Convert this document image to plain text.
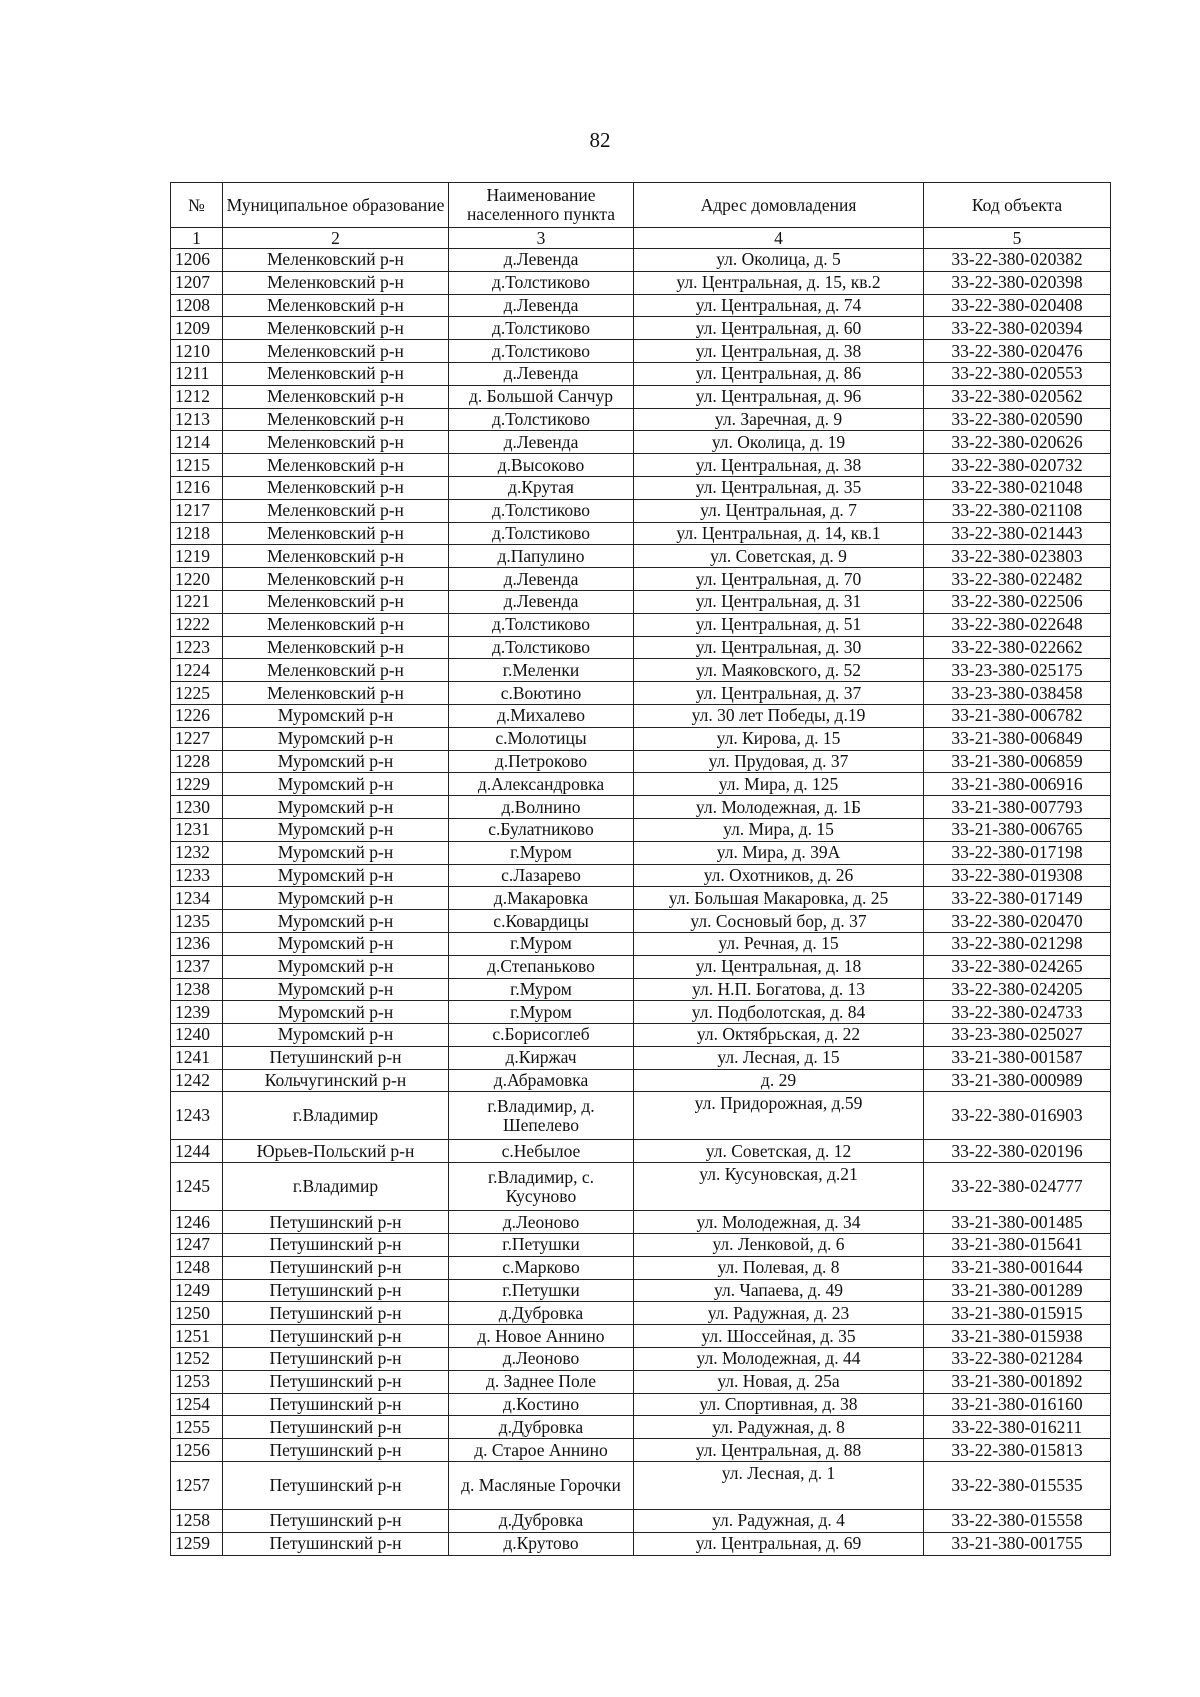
82
№	Муниципальное образование	Наименование населенного пункта	Адрес домовладения	Код объекта
1	2	3	4	5
1206	Меленковский р-н	д.Левенда	ул. Околица, д. 5	33-22-380-020382
1207	Меленковский р-н	д.Толстиково	ул. Центральная, д. 15, кв.2	33-22-380-020398
1208	Меленковский р-н	д.Левенда	ул. Центральная, д. 74	33-22-380-020408
1209	Меленковский р-н	д.Толстиково	ул. Центральная, д. 60	33-22-380-020394
1210	Меленковский р-н	д.Толстиково	ул. Центральная, д. 38	33-22-380-020476
1211	Меленковский р-н	д.Левенда	ул. Центральная, д. 86	33-22-380-020553
1212	Меленковский р-н	д. Большой Санчур	ул. Центральная, д. 96	33-22-380-020562
1213	Меленковский р-н	д.Толстиково	ул. Заречная, д. 9	33-22-380-020590
1214	Меленковский р-н	д.Левенда	ул. Околица, д. 19	33-22-380-020626
1215	Меленковский р-н	д.Высоково	ул. Центральная, д. 38	33-22-380-020732
1216	Меленковский р-н	д.Крутая	ул. Центральная, д. 35	33-22-380-021048
1217	Меленковский р-н	д.Толстиково	ул. Центральная, д. 7	33-22-380-021108
1218	Меленковский р-н	д.Толстиково	ул. Центральная, д. 14, кв.1	33-22-380-021443
1219	Меленковский р-н	д.Папулино	ул. Советская, д. 9	33-22-380-023803
1220	Меленковский р-н	д.Левенда	ул. Центральная, д. 70	33-22-380-022482
1221	Меленковский р-н	д.Левенда	ул. Центральная, д. 31	33-22-380-022506
1222	Меленковский р-н	д.Толстиково	ул. Центральная, д. 51	33-22-380-022648
1223	Меленковский р-н	д.Толстиково	ул. Центральная, д. 30	33-22-380-022662
1224	Меленковский р-н	г.Меленки	ул. Маяковского, д. 52	33-23-380-025175
1225	Меленковский р-н	с.Воютино	ул. Центральная, д. 37	33-23-380-038458
1226	Муромский р-н	д.Михалево	ул. 30 лет Победы, д.19	33-21-380-006782
1227	Муромский р-н	с.Молотицы	ул. Кирова, д. 15	33-21-380-006849
1228	Муромский р-н	д.Петроково	ул. Прудовая, д. 37	33-21-380-006859
1229	Муромский р-н	д.Александровка	ул. Мира, д. 125	33-21-380-006916
1230	Муромский р-н	д.Волнино	ул. Молодежная, д. 1Б	33-21-380-007793
1231	Муромский р-н	с.Булатниково	ул. Мира, д. 15	33-21-380-006765
1232	Муромский р-н	г.Муром	ул. Мира, д. 39А	33-22-380-017198
1233	Муромский р-н	с.Лазарево	ул. Охотников, д. 26	33-22-380-019308
1234	Муромский р-н	д.Макаровка	ул. Большая Макаровка, д. 25	33-22-380-017149
1235	Муромский р-н	с.Ковардицы	ул. Сосновый бор, д. 37	33-22-380-020470
1236	Муромский р-н	г.Муром	ул. Речная, д. 15	33-22-380-021298
1237	Муромский р-н	д.Степаньково	ул. Центральная, д. 18	33-22-380-024265
1238	Муромский р-н	г.Муром	ул. Н.П. Богатова, д. 13	33-22-380-024205
1239	Муромский р-н	г.Муром	ул. Подболотская, д. 84	33-22-380-024733
1240	Муромский р-н	с.Борисоглеб	ул. Октябрьская, д. 22	33-23-380-025027
1241	Петушинский р-н	д.Киржач	ул. Лесная, д. 15	33-21-380-001587
1242	Кольчугинский р-н	д.Абрамовка	д. 29	33-21-380-000989
1243	г.Владимир	г.Владимир, д. Шепелево	ул. Придорожная, д.59	33-22-380-016903
1244	Юрьев-Польский р-н	с.Небылое	ул. Советская, д. 12	33-22-380-020196
1245	г.Владимир	г.Владимир, с. Кусуново	ул. Кусуновская, д.21	33-22-380-024777
1246	Петушинский р-н	д.Леоново	ул. Молодежная, д. 34	33-21-380-001485
1247	Петушинский р-н	г.Петушки	ул. Ленковой, д. 6	33-21-380-015641
1248	Петушинский р-н	с.Марково	ул. Полевая, д. 8	33-21-380-001644
1249	Петушинский р-н	г.Петушки	ул. Чапаева, д. 49	33-21-380-001289
1250	Петушинский р-н	д.Дубровка	ул. Радужная, д. 23	33-21-380-015915
1251	Петушинский р-н	д. Новое Аннино	ул. Шоссейная, д. 35	33-21-380-015938
1252	Петушинский р-н	д.Леоново	ул. Молодежная, д. 44	33-22-380-021284
1253	Петушинский р-н	д. Заднее Поле	ул. Новая, д. 25а	33-21-380-001892
1254	Петушинский р-н	д.Костино	ул. Спортивная, д. 38	33-21-380-016160
1255	Петушинский р-н	д.Дубровка	ул. Радужная, д. 8	33-22-380-016211
1256	Петушинский р-н	д. Старое Аннино	ул. Центральная, д. 88	33-22-380-015813
1257	Петушинский р-н	д. Масляные Горочки	ул. Лесная, д. 1	33-22-380-015535
1258	Петушинский р-н	д.Дубровка	ул. Радужная, д. 4	33-22-380-015558
1259	Петушинский р-н	д.Крутово	ул. Центральная, д. 69	33-21-380-001755
